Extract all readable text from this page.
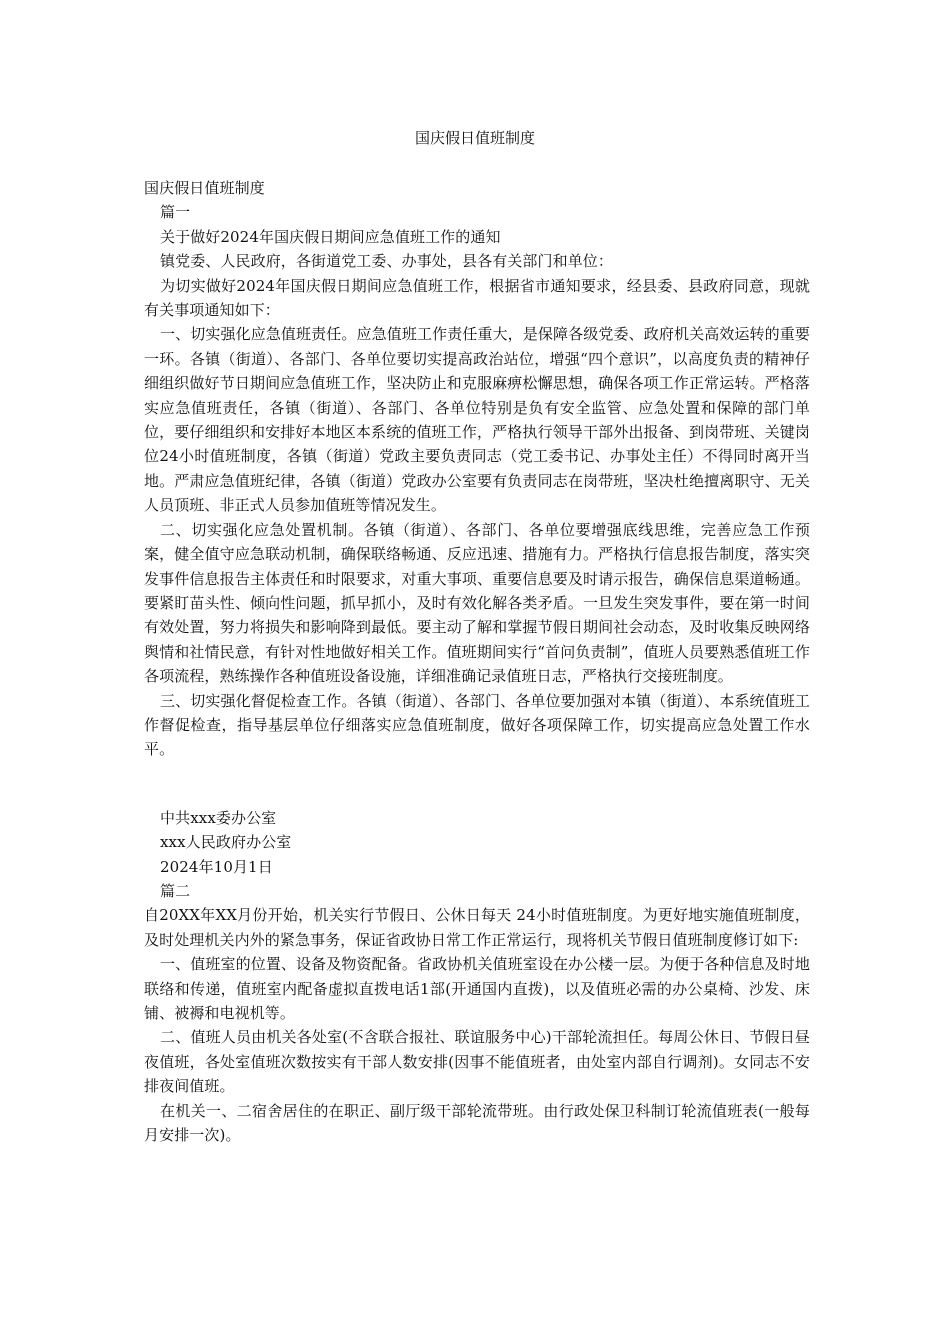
国庆假日值班制度

国庆假日值班制度

篇一

关于做好2024年国庆假日期间应急值班工作的通知

镇党委、人民政府，各街道党工委、办事处，县各有关部门和单位：

为切实做好2024年国庆假日期间应急值班工作，根据省市通知要求，经县委、县政府同意，现就有关事项通知如下：

一、切实强化应急值班责任。应急值班工作责任重大，是保障各级党委、政府机关高效运转的重要一环。各镇（街道）、各部门、各单位要切实提高政治站位，增强“四个意识”，以高度负责的精神仔细组织做好节日期间应急值班工作，坚决防止和克服麻痹松懈思想，确保各项工作正常运转。严格落实应急值班责任，各镇（街道）、各部门、各单位特别是负有安全监管、应急处置和保障的部门单位，要仔细组织和安排好本地区本系统的值班工作，严格执行领导干部外出报备、到岗带班、关键岗位24小时值班制度，各镇（街道）党政主要负责同志（党工委书记、办事处主任）不得同时离开当地。严肃应急值班纪律，各镇（街道）党政办公室要有负责同志在岗带班，坚决杜绝擅离职守、无关人员顶班、非正式人员参加值班等情况发生。

二、切实强化应急处置机制。各镇（街道）、各部门、各单位要增强底线思维，完善应急工作预案，健全值守应急联动机制，确保联络畅通、反应迅速、措施有力。严格执行信息报告制度，落实突发事件信息报告主体责任和时限要求，对重大事项、重要信息要及时请示报告，确保信息渠道畅通。要紧盯苗头性、倾向性问题，抓早抓小，及时有效化解各类矛盾。一旦发生突发事件，要在第一时间有效处置，努力将损失和影响降到最低。要主动了解和掌握节假日期间社会动态，及时收集反映网络舆情和社情民意，有针对性地做好相关工作。值班期间实行“首问负责制”，值班人员要熟悉值班工作各项流程，熟练操作各种值班设备设施，详细准确记录值班日志，严格执行交接班制度。

三、切实强化督促检查工作。各镇（街道）、各部门、各单位要加强对本镇（街道）、本系统值班工作督促检查，指导基层单位仔细落实应急值班制度，做好各项保障工作，切实提高应急处置工作水平。

中共xxx委办公室

xxx人民政府办公室

2024年10月1日

篇二

自20XX年XX月份开始，机关实行节假日、公休日每天 24小时值班制度。为更好地实施值班制度，及时处理机关内外的紧急事务，保证省政协日常工作正常运行，现将机关节假日值班制度修订如下:

一、值班室的位置、设备及物资配备。省政协机关值班室设在办公楼一层。为便于各种信息及时地联络和传递，值班室内配备虚拟直拨电话1部(开通国内直拨)，以及值班必需的办公桌椅、沙发、床铺、被褥和电视机等。

二、值班人员由机关各处室(不含联合报社、联谊服务中心)干部轮流担任。每周公休日、节假日昼夜值班，各处室值班次数按实有干部人数安排(因事不能值班者，由处室内部自行调剂)。女同志不安排夜间值班。

在机关一、二宿舍居住的在职正、副厅级干部轮流带班。由行政处保卫科制订轮流值班表(一般每月安排一次)。
